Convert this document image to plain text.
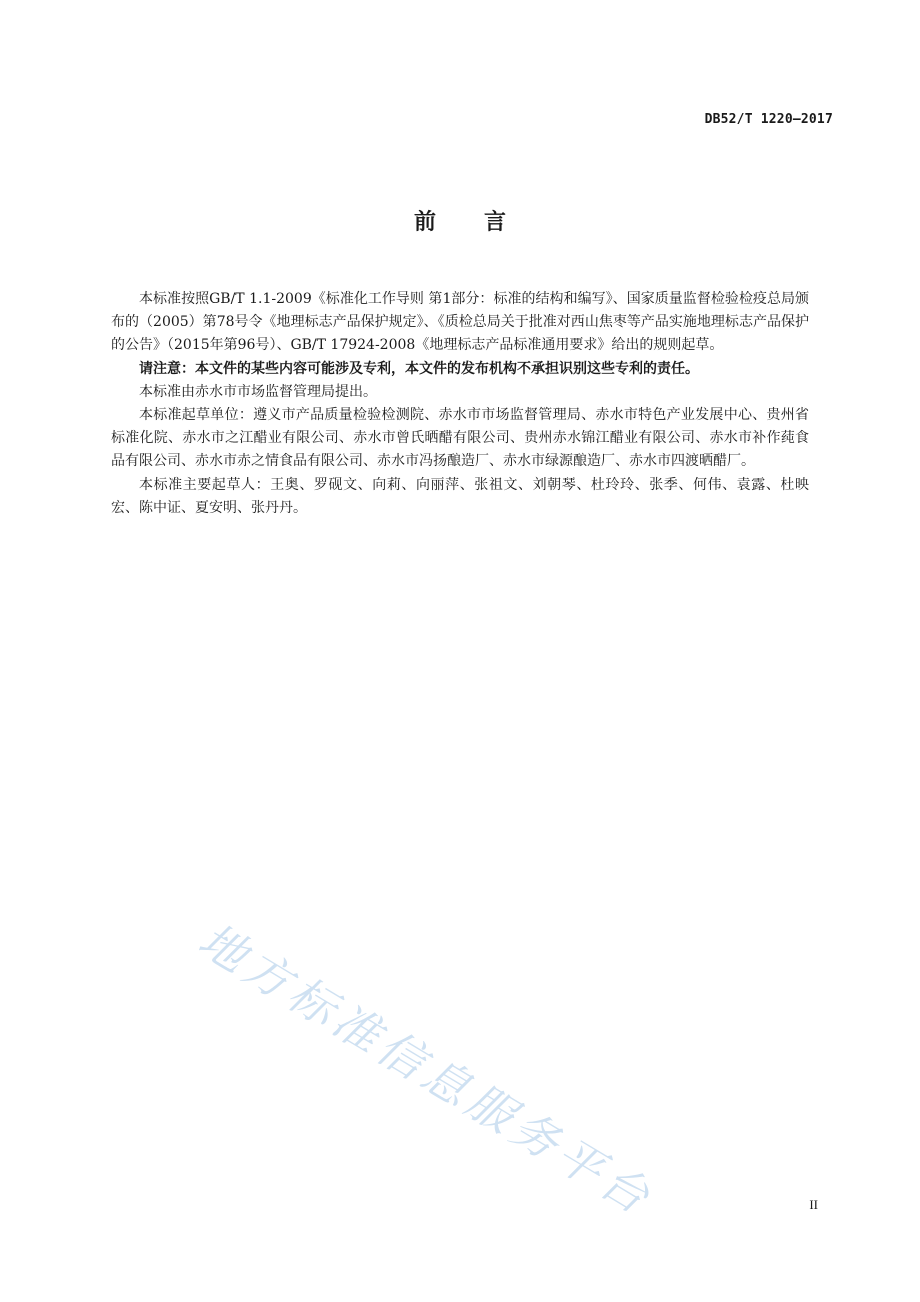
DB52/T 1220—2017
前言

本标准按照GB/T 1.1-2009《标准化工作导则 第1部分：标准的结构和编写》、国家质量监督检验检疫总局颁布的（2005）第78号令《地理标志产品保护规定》、《质检总局关于批准对西山焦枣等产品实施地理标志产品保护的公告》（2015年第96号）、GB/T 17924-2008《地理标志产品标准通用要求》给出的规则起草。

请注意：本文件的某些内容可能涉及专利，本文件的发布机构不承担识别这些专利的责任。

本标准由赤水市市场监督管理局提出。

本标准起草单位：遵义市产品质量检验检测院、赤水市市场监督管理局、赤水市特色产业发展中心、贵州省标准化院、赤水市之江醋业有限公司、赤水市曾氏晒醋有限公司、贵州赤水锦江醋业有限公司、赤水市补作莼食品有限公司、赤水市赤之情食品有限公司、赤水市冯扬酿造厂、赤水市绿源酿造厂、赤水市四渡晒醋厂。

本标准主要起草人：王奥、罗砚文、向莉、向丽萍、张祖文、刘朝琴、杜玲玲、张季、何伟、袁露、杜映宏、陈中证、夏安明、张丹丹。

地方标准信息服务平台	II
